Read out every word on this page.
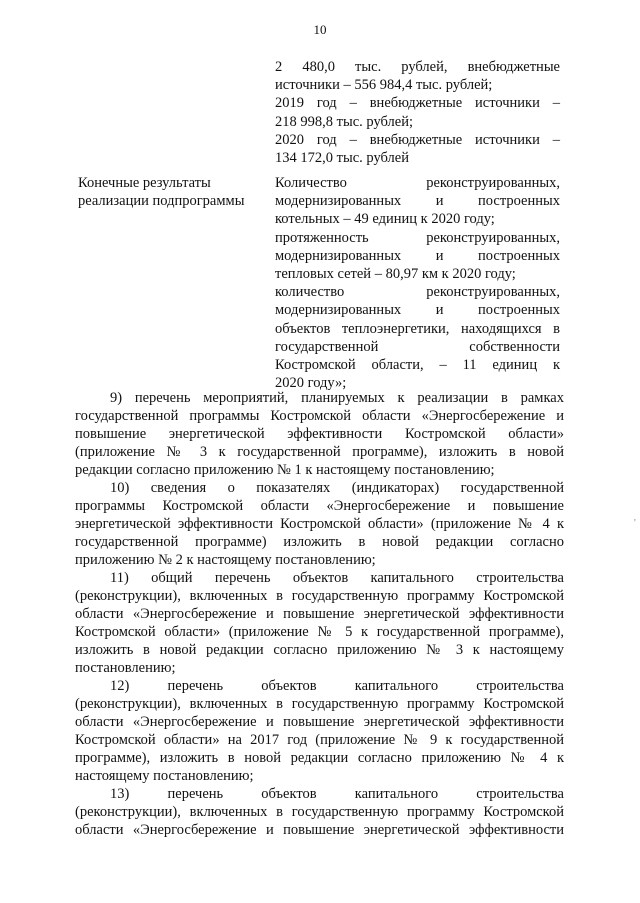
10
2 480,0 тыс. рублей, внебюджетные
источники – 556 984,4 тыс. рублей;
2019 год – внебюджетные источники –
218 998,8 тыс. рублей;
2020 год – внебюджетные источники –
134 172,0 тыс. рублей
Конечные результаты
реализации подпрограммы
Количество реконструированных,
модернизированных и построенных
котельных – 49 единиц к 2020 году;
протяженность реконструированных,
модернизированных и построенных
тепловых сетей – 80,97 км к 2020 году;
количество реконструированных,
модернизированных и построенных
объектов теплоэнергетики, находящихся в
государственной собственности
Костромской области, – 11 единиц к
2020 году»;
9) перечень мероприятий, планируемых к реализации в рамках
государственной программы Костромской области «Энергосбережение и
повышение энергетической эффективности Костромской области»
(приложение № 3 к государственной программе), изложить в новой
редакции согласно приложению № 1 к настоящему постановлению;
10) сведения о показателях (индикаторах) государственной
программы Костромской области «Энергосбережение и повышение
энергетической эффективности Костромской области» (приложение № 4 к
государственной программе) изложить в новой редакции согласно
приложению № 2 к настоящему постановлению;
11) общий перечень объектов капитального строительства
(реконструкции), включенных в государственную программу Костромской
области «Энергосбережение и повышение энергетической эффективности
Костромской области» (приложение № 5 к государственной программе),
изложить в новой редакции согласно приложению № 3 к настоящему
постановлению;
12) перечень объектов капитального строительства
(реконструкции), включенных в государственную программу Костромской
области «Энергосбережение и повышение энергетической эффективности
Костромской области» на 2017 год (приложение № 9 к государственной
программе), изложить в новой редакции согласно приложению № 4 к
настоящему постановлению;
13) перечень объектов капитального строительства
(реконструкции), включенных в государственную программу Костромской
области «Энергосбережение и повышение энергетической эффективности
'
